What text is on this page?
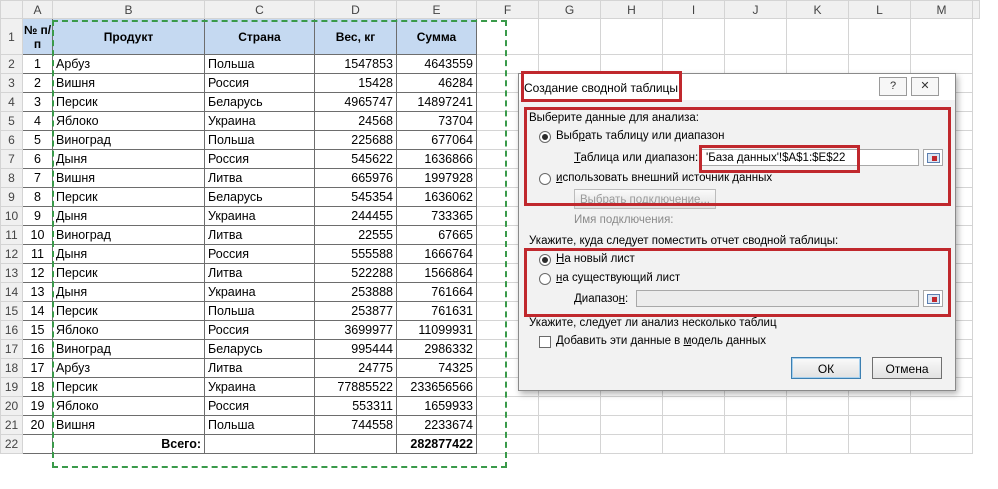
	A	B	C	D	E	F	G	H	I	J	K	L	M	
1	№ п/п	Продукт	Страна	Вес, кг	Сумма									
2	1	Арбуз	Польша	1547853	4643559									
3	2	Вишня	Россия	15428	46284									
4	3	Персик	Беларусь	4965747	14897241									
5	4	Яблоко	Украина	24568	73704									
6	5	Виноград	Польша	225688	677064									
7	6	Дыня	Россия	545622	1636866									
8	7	Вишня	Литва	665976	1997928									
9	8	Персик	Беларусь	545354	1636062									
10	9	Дыня	Украина	244455	733365									
11	10	Виноград	Литва	22555	67665									
12	11	Дыня	Россия	555588	1666764									
13	12	Персик	Литва	522288	1566864									
14	13	Дыня	Украина	253888	761664									
15	14	Персик	Польша	253877	761631									
16	15	Яблоко	Россия	3699977	11099931									
17	16	Виноград	Беларусь	995444	2986332									
18	17	Арбуз	Литва	24775	74325									
19	18	Персик	Украина	77885522	233656566									
20	19	Яблоко	Россия	553311	1659933									
21	20	Вишня	Польша	744558	2233674									
22		Всего:			282877422									
Создание сводной таблицы	?	✕
Выберите данные для анализа:
Выбрать таблицу или диапазон
Таблица или диапазон: 'База данных'!$A$1:$E$22
использовать внешний источник данных
Выбрать подключение...
Имя подключения:
Укажите, куда следует поместить отчет сводной таблицы:
На новый лист
на существующий лист
Диапазон:
Укажите, следует ли анализ несколько таблиц
Добавить эти данные в модель данных
ОК	Отмена
